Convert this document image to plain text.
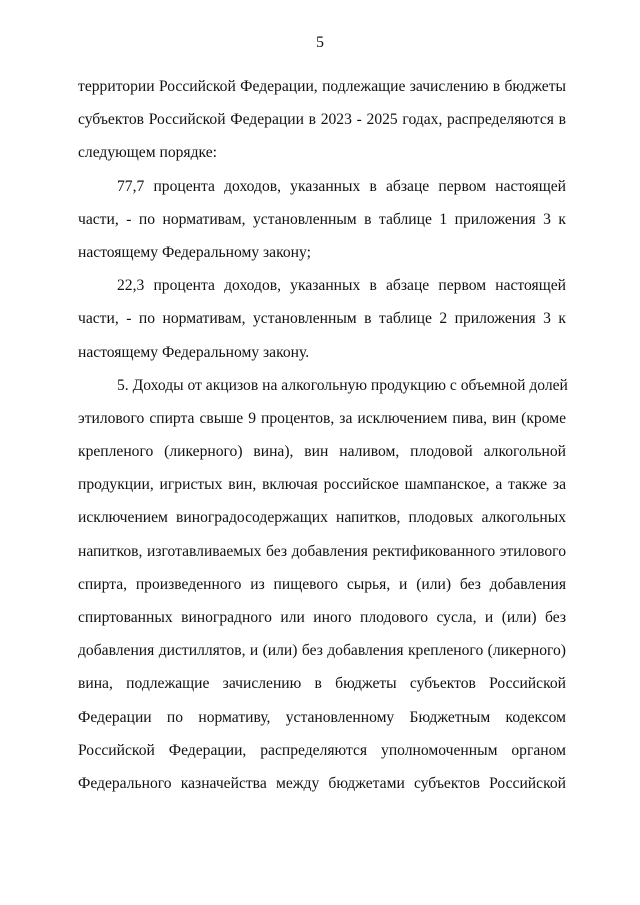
5
территории Российской Федерации, подлежащие зачислению в бюджеты
субъектов Российской Федерации в 2023 - 2025 годах, распределяются в
следующем порядке:
77,7 процента доходов, указанных в абзаце первом настоящей
части, - по нормативам, установленным в таблице 1 приложения 3 к
настоящему Федеральному закону;
22,3 процента доходов, указанных в абзаце первом настоящей
части, - по нормативам, установленным в таблице 2 приложения 3 к
настоящему Федеральному закону.
5. Доходы от акцизов на алкогольную продукцию с объемной долей
этилового спирта свыше 9 процентов, за исключением пива, вин (кроме
крепленого (ликерного) вина), вин наливом, плодовой алкогольной
продукции, игристых вин, включая российское шампанское, а также за
исключением виноградосодержащих напитков, плодовых алкогольных
напитков, изготавливаемых без добавления ректификованного этилового
спирта, произведенного из пищевого сырья, и (или) без добавления
спиртованных виноградного или иного плодового сусла, и (или) без
добавления дистиллятов, и (или) без добавления крепленого (ликерного)
вина, подлежащие зачислению в бюджеты субъектов Российской
Федерации по нормативу, установленному Бюджетным кодексом
Российской Федерации, распределяются уполномоченным органом
Федерального казначейства между бюджетами субъектов Российской
